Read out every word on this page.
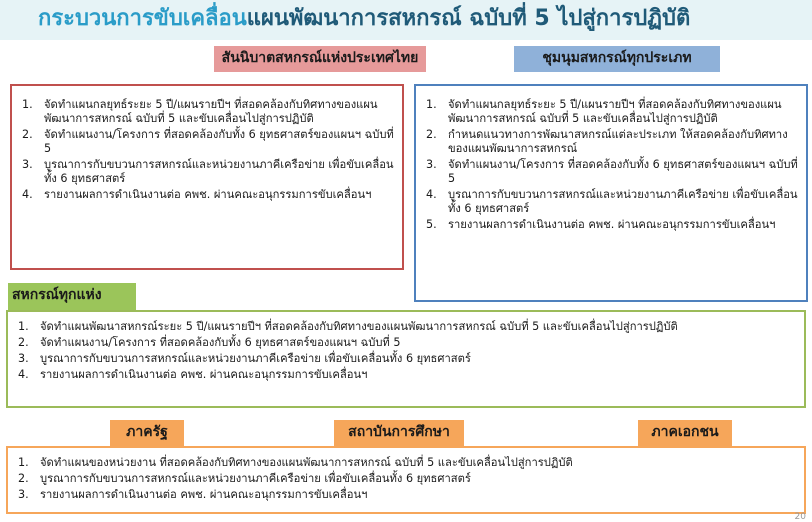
กระบวนการขับเคลื่อนแผนพัฒนาการสหกรณ์ ฉบับที่ 5 ไปสู่การปฏิบัติ
สันนิบาตสหกรณ์แห่งประเทศไทย	ชุมนุมสหกรณ์ทุกประเภท
1. จัดทำแผนกลยุทธ์ระยะ 5 ปี/แผนรายปีฯ ที่สอดคล้องกับทิศทางของแผนพัฒนาการสหกรณ์ ฉบับที่ 5 และขับเคลื่อนไปสู่การปฏิบัติ
2. จัดทำแผนงาน/โครงการ ที่สอดคล้องกับทั้ง 6 ยุทธศาสตร์ของแผนฯ ฉบับที่ 5
3. บูรณาการกับขบวนการสหกรณ์และหน่วยงานภาคีเครือข่าย เพื่อขับเคลื่อนทั้ง 6 ยุทธศาสตร์
4. รายงานผลการดำเนินงานต่อ คพช. ผ่านคณะอนุกรรมการขับเคลื่อนฯ
1. จัดทำแผนกลยุทธ์ระยะ 5 ปี/แผนรายปีฯ ที่สอดคล้องกับทิศทางของแผนพัฒนาการสหกรณ์ ฉบับที่ 5 และขับเคลื่อนไปสู่การปฏิบัติ
2. กำหนดแนวทางการพัฒนาสหกรณ์แต่ละประเภท ให้สอดคล้องกับทิศทางของแผนพัฒนาการสหกรณ์
3. จัดทำแผนงาน/โครงการ ที่สอดคล้องกับทั้ง 6 ยุทธศาสตร์ของแผนฯ ฉบับที่ 5
4. บูรณาการกับขบวนการสหกรณ์และหน่วยงานภาคีเครือข่าย เพื่อขับเคลื่อนทั้ง 6 ยุทธศาสตร์
5. รายงานผลการดำเนินงานต่อ คพช. ผ่านคณะอนุกรรมการขับเคลื่อนฯ
สหกรณ์ทุกแห่ง
1. จัดทำแผนพัฒนาสหกรณ์ระยะ 5 ปี/แผนรายปีฯ ที่สอดคล้องกับทิศทางของแผนพัฒนาการสหกรณ์ ฉบับที่ 5 และขับเคลื่อนไปสู่การปฏิบัติ
2. จัดทำแผนงาน/โครงการ ที่สอดคล้องกับทั้ง 6 ยุทธศาสตร์ของแผนฯ ฉบับที่ 5
3. บูรณาการกับขบวนการสหกรณ์และหน่วยงานภาคีเครือข่าย เพื่อขับเคลื่อนทั้ง 6 ยุทธศาสตร์
4. รายงานผลการดำเนินงานต่อ คพช. ผ่านคณะอนุกรรมการขับเคลื่อนฯ
ภาครัฐ	สถาบันการศึกษา	ภาคเอกชน
1. จัดทำแผนของหน่วยงาน ที่สอดคล้องกับทิศทางของแผนพัฒนาการสหกรณ์ ฉบับที่ 5 และขับเคลื่อนไปสู่การปฏิบัติ
2. บูรณาการกับขบวนการสหกรณ์และหน่วยงานภาคีเครือข่าย เพื่อขับเคลื่อนทั้ง 6 ยุทธศาสตร์
3. รายงานผลการดำเนินงานต่อ คพช. ผ่านคณะอนุกรรมการขับเคลื่อนฯ
20
